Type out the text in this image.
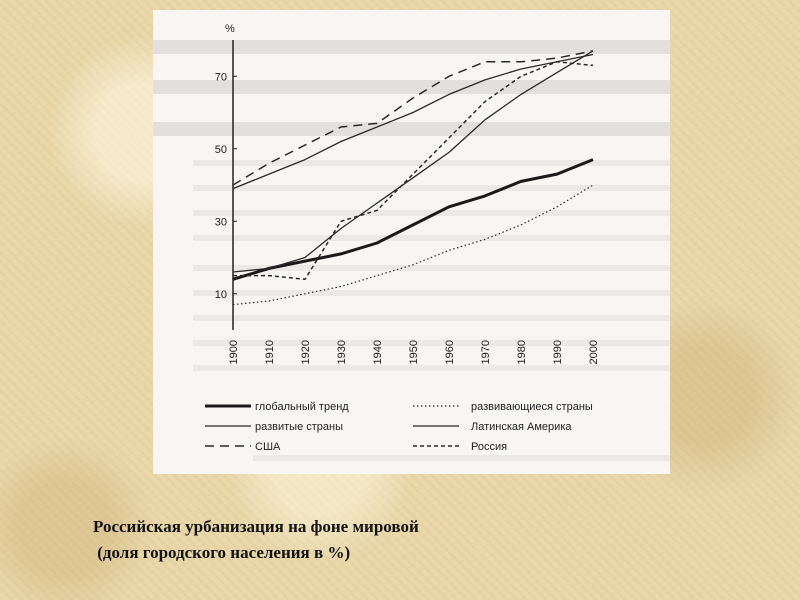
%
10
30
50
70
1900 1910 1920 1930 1940 1950 1960 1970 1980 1990 2000
глобальный тренд
развитые страны
США
развивающиеся страны
Латинская Америка
Россия
Российская урбанизация на фоне мировой
(доля городского населения в %)
